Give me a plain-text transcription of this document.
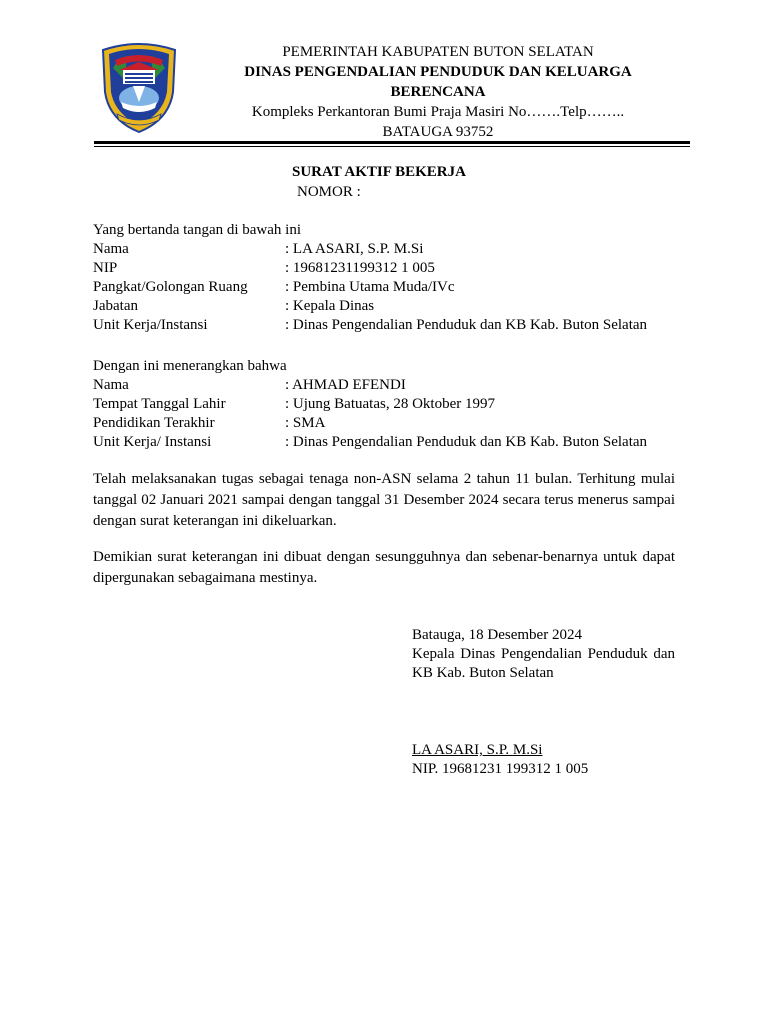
PEMERINTAH KABUPATEN BUTON SELATAN
DINAS PENGENDALIAN PENDUDUK DAN KELUARGA
BERENCANA
Kompleks Perkantoran Bumi Praja Masiri No…….Telp……..
BATAUGA 93752
SURAT AKTIF BEKERJA
NOMOR :
Yang bertanda tangan di bawah ini
Nama	: LA ASARI, S.P. M.Si
NIP	: 19681231199312 1 005
Pangkat/Golongan Ruang : Pembina Utama Muda/IVc
Jabatan	: Kepala Dinas
Unit Kerja/Instansi	: Dinas Pengendalian Penduduk dan KB Kab. Buton Selatan
Dengan ini menerangkan bahwa
Nama	: AHMAD EFENDI
Tempat Tanggal Lahir	: Ujung Batuatas, 28 Oktober 1997
Pendidikan Terakhir	: SMA
Unit Kerja/ Instansi	: Dinas Pengendalian Penduduk dan KB Kab. Buton Selatan
Telah melaksanakan tugas sebagai tenaga non-ASN selama 2 tahun 11 bulan. Terhitung mulai tanggal 02 Januari 2021 sampai dengan tanggal 31 Desember 2024 secara terus menerus sampai dengan surat keterangan ini dikeluarkan.
Demikian surat keterangan ini dibuat dengan sesungguhnya dan sebenar-benarnya untuk dapat dipergunakan sebagaimana mestinya.
Batauga, 18 Desember 2024
Kepala Dinas Pengendalian Penduduk dan KB Kab. Buton Selatan
LA ASARI, S.P. M.Si
NIP. 19681231 199312 1 005
